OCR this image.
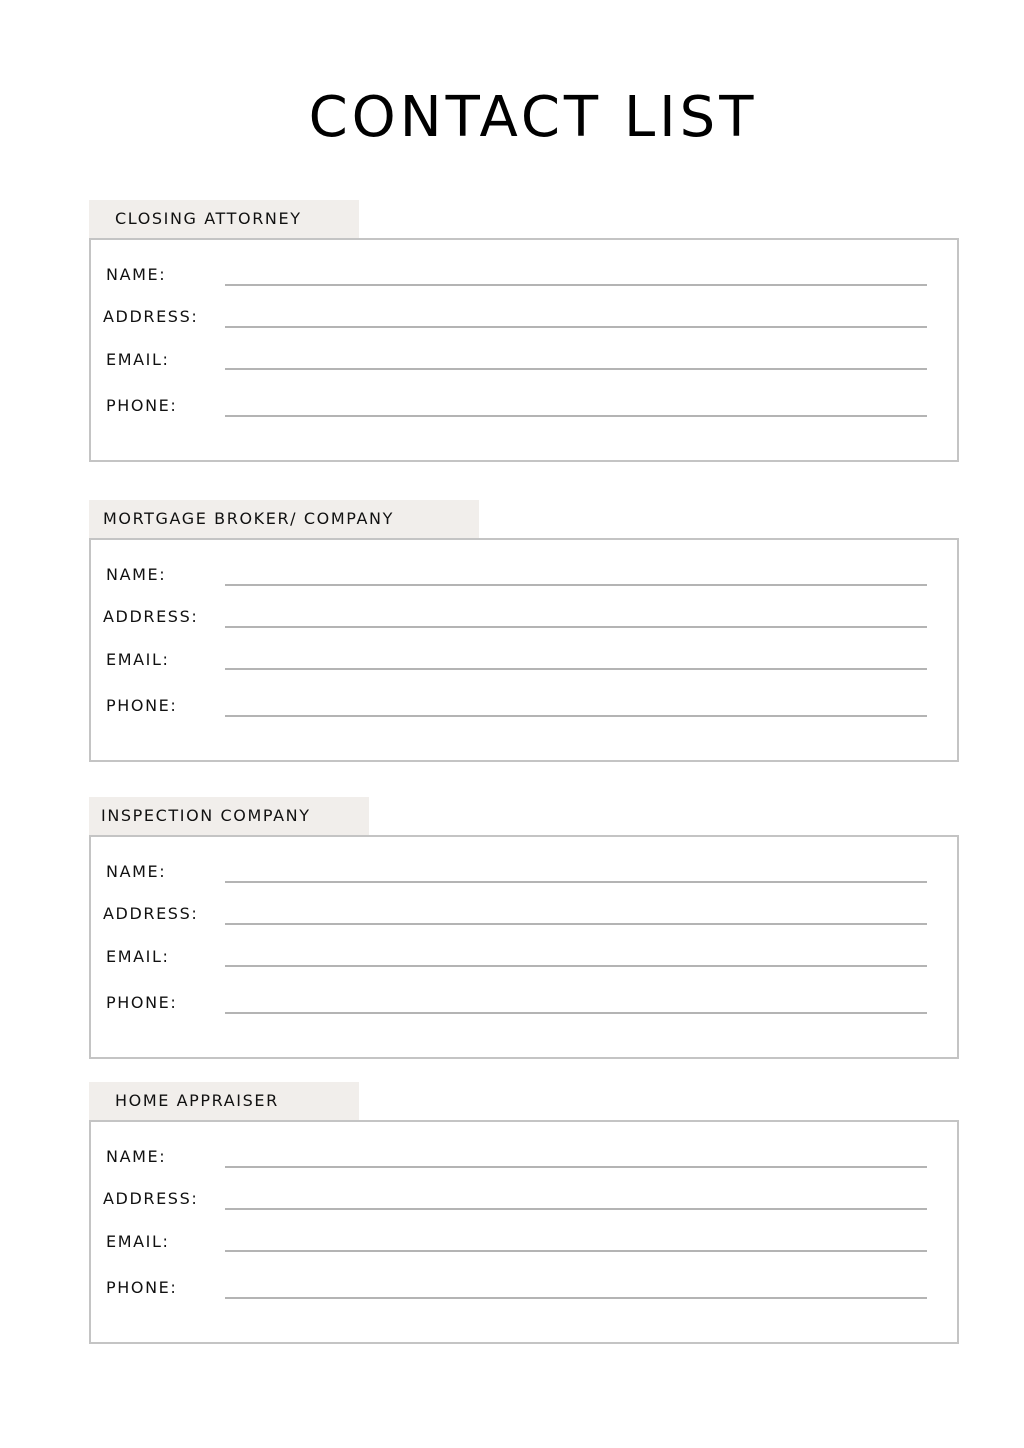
CONTACT LIST
CLOSING ATTORNEY
NAME:
ADDRESS:
EMAIL:
PHONE:
MORTGAGE BROKER/ COMPANY
NAME:
ADDRESS:
EMAIL:
PHONE:
INSPECTION COMPANY
NAME:
ADDRESS:
EMAIL:
PHONE:
HOME APPRAISER
NAME:
ADDRESS:
EMAIL:
PHONE:
